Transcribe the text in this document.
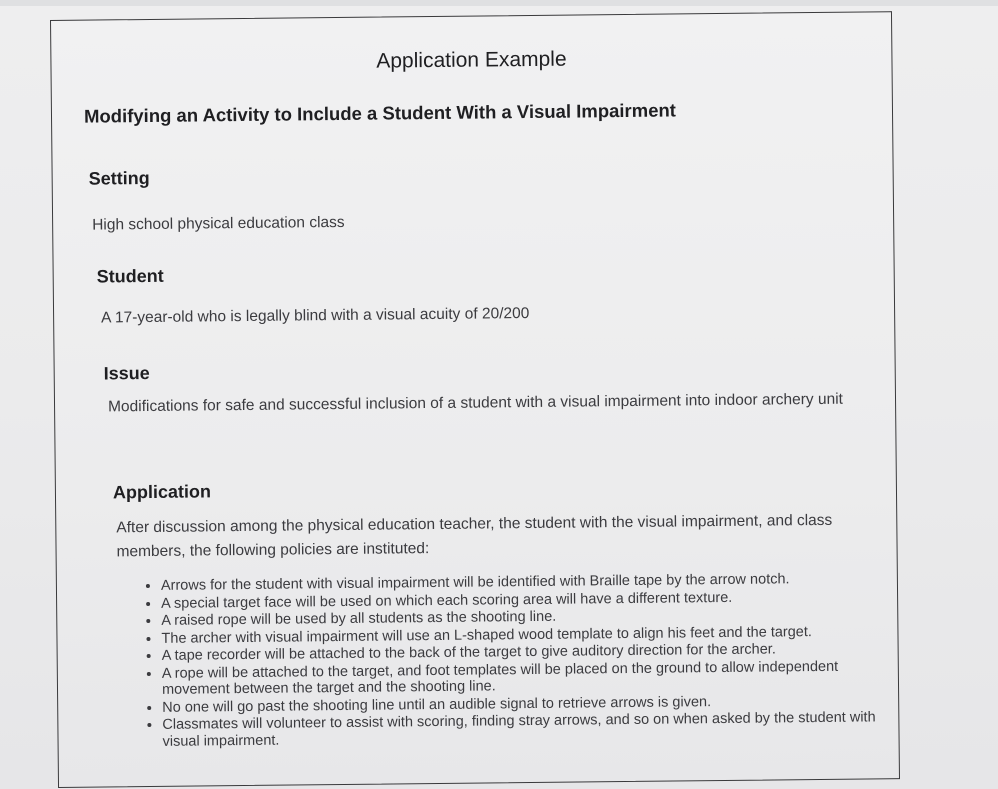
Application Example
Modifying an Activity to Include a Student With a Visual Impairment
Setting
High school physical education class
Student
A 17-year-old who is legally blind with a visual acuity of 20/200
Issue
Modifications for safe and successful inclusion of a student with a visual impairment into indoor archery unit
Application
After discussion among the physical education teacher, the student with the visual impairment, and class members, the following policies are instituted:
• Arrows for the student with visual impairment will be identified with Braille tape by the arrow notch.
• A special target face will be used on which each scoring area will have a different texture.
• A raised rope will be used by all students as the shooting line.
• The archer with visual impairment will use an L-shaped wood template to align his feet and the target.
• A tape recorder will be attached to the back of the target to give auditory direction for the archer.
• A rope will be attached to the target, and foot templates will be placed on the ground to allow independent movement between the target and the shooting line.
• No one will go past the shooting line until an audible signal to retrieve arrows is given.
• Classmates will volunteer to assist with scoring, finding stray arrows, and so on when asked by the student with visual impairment.
